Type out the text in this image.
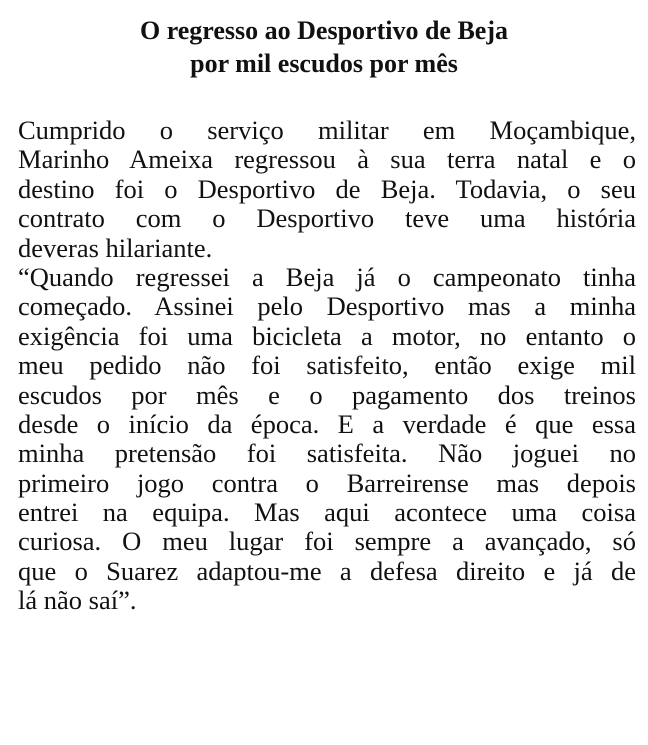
O regresso ao Desportivo de Beja
por mil escudos por mês
Cumprido o serviço militar em Moçambique,
Marinho Ameixa regressou à sua terra natal e o
destino foi o Desportivo de Beja. Todavia, o seu
contrato com o Desportivo teve uma história
deveras hilariante.
“Quando regressei a Beja já o campeonato tinha
começado. Assinei pelo Desportivo mas a minha
exigência foi uma bicicleta a motor, no entanto o
meu pedido não foi satisfeito, então exige mil
escudos por mês e o pagamento dos treinos
desde o início da época. E a verdade é que essa
minha pretensão foi satisfeita. Não joguei no
primeiro jogo contra o Barreirense mas depois
entrei na equipa. Mas aqui acontece uma coisa
curiosa. O meu lugar foi sempre a avançado, só
que o Suarez adaptou-me a defesa direito e já de
lá não saí”.
